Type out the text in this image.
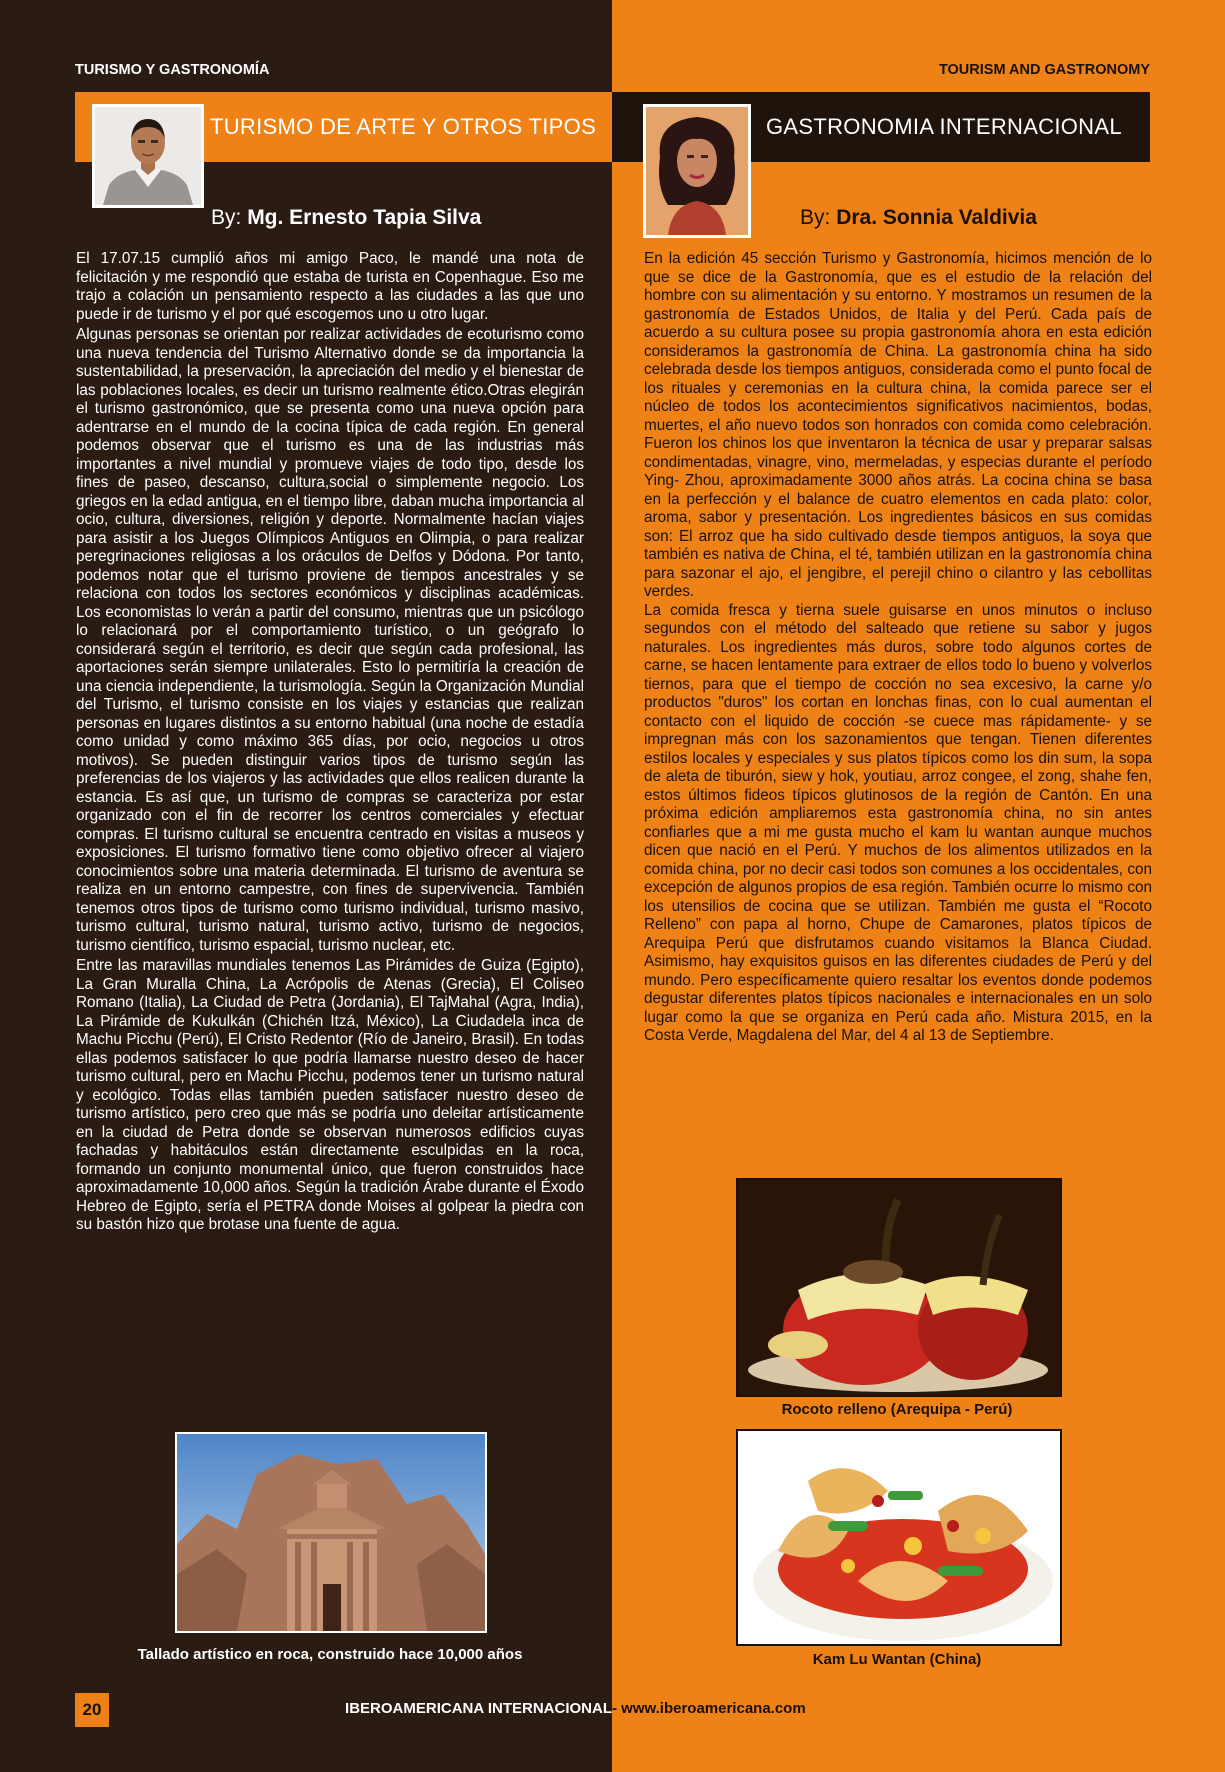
TURISMO Y GASTRONOMÍA	TOURISM AND GASTRONOMY
TURISMO DE ARTE Y OTROS TIPOS	GASTRONOMIA INTERNACIONAL
By: Mg. Ernesto Tapia Silva	By: Dra. Sonnia Valdivia

El 17.07.15 cumplió años mi amigo Paco, le mandé una nota de felicitación y me respondió que estaba de turista en Copenhague. Eso me trajo a colación un pensamiento respecto a las ciudades a las que uno puede ir de turismo y el por qué escogemos uno u otro lugar.

Algunas personas se orientan por realizar actividades de ecoturismo como una nueva tendencia del Turismo Alternativo donde se da importancia la sustentabilidad, la preservación, la apreciación del medio y el bienestar de las poblaciones locales, es decir un turismo realmente ético.Otras elegirán el turismo gastronómico, que se presenta como una nueva opción para adentrarse en el mundo de la cocina típica de cada región. En general podemos observar que el turismo es una de las industrias más importantes a nivel mundial y promueve viajes de todo tipo, desde los fines de paseo, descanso, cultura,social o simplemente negocio. Los griegos en la edad antigua, en el tiempo libre, daban mucha importancia al ocio, cultura, diversiones, religión y deporte. Normalmente hacían viajes para asistir a los Juegos Olímpicos Antiguos en Olimpia, o para realizar peregrinaciones religiosas a los oráculos de Delfos y Dódona. Por tanto, podemos notar que el turismo proviene de tiempos ancestrales y se relaciona con todos los sectores económicos y disciplinas académicas. Los economistas lo verán a partir del consumo, mientras que un psicólogo lo relacionará por el comportamiento turístico, o un geógrafo lo considerará según el territorio, es decir que según cada profesional, las aportaciones serán siempre unilaterales. Esto lo permitiría la creación de una ciencia independiente, la turismología. Según la Organización Mundial del Turismo, el turismo consiste en los viajes y estancias que realizan personas en lugares distintos a su entorno habitual (una noche de estadía como unidad y como máximo 365 días, por ocio, negocios u otros motivos). Se pueden distinguir varios tipos de turismo según las preferencias de los viajeros y las actividades que ellos realicen durante la estancia. Es así que, un turismo de compras se caracteriza por estar organizado con el fin de recorrer los centros comerciales y efectuar compras. El turismo cultural se encuentra centrado en visitas a museos y exposiciones. El turismo formativo tiene como objetivo ofrecer al viajero conocimientos sobre una materia determinada. El turismo de aventura se realiza en un entorno campestre, con fines de supervivencia. También tenemos otros tipos de turismo como turismo individual, turismo masivo, turismo cultural, turismo natural, turismo activo, turismo de negocios, turismo científico, turismo espacial, turismo nuclear, etc.

Entre las maravillas mundiales tenemos Las Pirámides de Guiza (Egipto), La Gran Muralla China, La Acrópolis de Atenas (Grecia), El Coliseo Romano (Italia), La Ciudad de Petra (Jordania), El TajMahal (Agra, India), La Pirámide de Kukulkán (Chichén Itzá, México), La Ciudadela inca de Machu Picchu (Perú), El Cristo Redentor (Río de Janeiro, Brasil). En todas ellas podemos satisfacer lo que podría llamarse nuestro deseo de hacer turismo cultural, pero en Machu Picchu, podemos tener un turismo natural y ecológico. Todas ellas también pueden satisfacer nuestro deseo de turismo artístico, pero creo que más se podría uno deleitar artísticamente en la ciudad de Petra donde se observan numerosos edificios cuyas fachadas y habitáculos están directamente esculpidas en la roca, formando un conjunto monumental único, que fueron construidos hace aproximadamente 10,000 años. Según la tradición Árabe durante el Éxodo Hebreo de Egipto, sería el PETRA donde Moises al golpear la piedra con su bastón hizo que brotase una fuente de agua.

En la edición 45 sección Turismo y Gastronomía, hicimos mención de lo que se dice de la Gastronomía, que es el estudio de la relación del hombre con su alimentación y su entorno. Y mostramos un resumen de la gastronomía de Estados Unidos, de Italia y del Perú. Cada país de acuerdo a su cultura posee su propia gastronomía ahora en esta edición consideramos la gastronomía de China. La gastronomía china ha sido celebrada desde los tiempos antiguos, considerada como el punto focal de los rituales y ceremonias en la cultura china, la comida parece ser el núcleo de todos los acontecimientos significativos nacimientos, bodas, muertes, el año nuevo todos son honrados con comida como celebración. Fueron los chinos los que inventaron la técnica de usar y preparar salsas condimentadas, vinagre, vino, mermeladas, y especias durante el período Ying- Zhou, aproximadamente 3000 años atrás. La cocina china se basa en la perfección y el balance de cuatro elementos en cada plato: color, aroma, sabor y presentación. Los ingredientes básicos en sus comidas son: El arroz que ha sido cultivado desde tiempos antiguos, la soya que también es nativa de China, el té, también utilizan en la gastronomía china para sazonar el ajo, el jengibre, el perejil chino o cilantro y las cebollitas verdes.

La comida fresca y tierna suele guisarse en unos minutos o incluso segundos con el método del salteado que retiene su sabor y jugos naturales. Los ingredientes más duros, sobre todo algunos cortes de carne, se hacen lentamente para extraer de ellos todo lo bueno y volverlos tiernos, para que el tiempo de cocción no sea excesivo, la carne y/o productos "duros" los cortan en lonchas finas, con lo cual aumentan el contacto con el liquido de cocción -se cuece mas rápidamente- y se impregnan más con los sazonamientos que tengan. Tienen diferentes estilos locales y especiales y sus platos típicos como los din sum, la sopa de aleta de tiburón, siew y hok, youtiau, arroz congee, el zong, shahe fen, estos últimos fideos típicos glutinosos de la región de Cantón. En una próxima edición ampliaremos esta gastronomía china, no sin antes confiarles que a mi me gusta mucho el kam lu wantan aunque muchos dicen que nació en el Perú. Y muchos de los alimentos utilizados en la comida china, por no decir casi todos son comunes a los occidentales, con excepción de algunos propios de esa región. También ocurre lo mismo con los utensilios de cocina que se utilizan. También me gusta el “Rocoto Relleno” con papa al horno, Chupe de Camarones, platos típicos de Arequipa Perú que disfrutamos cuando visitamos la Blanca Ciudad. Asimismo, hay exquisitos guisos en las diferentes ciudades de Perú y del mundo. Pero específicamente quiero resaltar los eventos donde podemos degustar diferentes platos típicos nacionales e internacionales en un solo lugar como la que se organiza en Perú cada año. Mistura 2015, en la Costa Verde, Magdalena del Mar, del 4 al 13 de Septiembre.

Tallado artístico en roca, construido hace 10,000 años
Rocoto relleno (Arequipa - Perú)
Kam Lu Wantan (China)
20	IBEROAMERICANA INTERNACIONAL - www.iberoamericana.com
